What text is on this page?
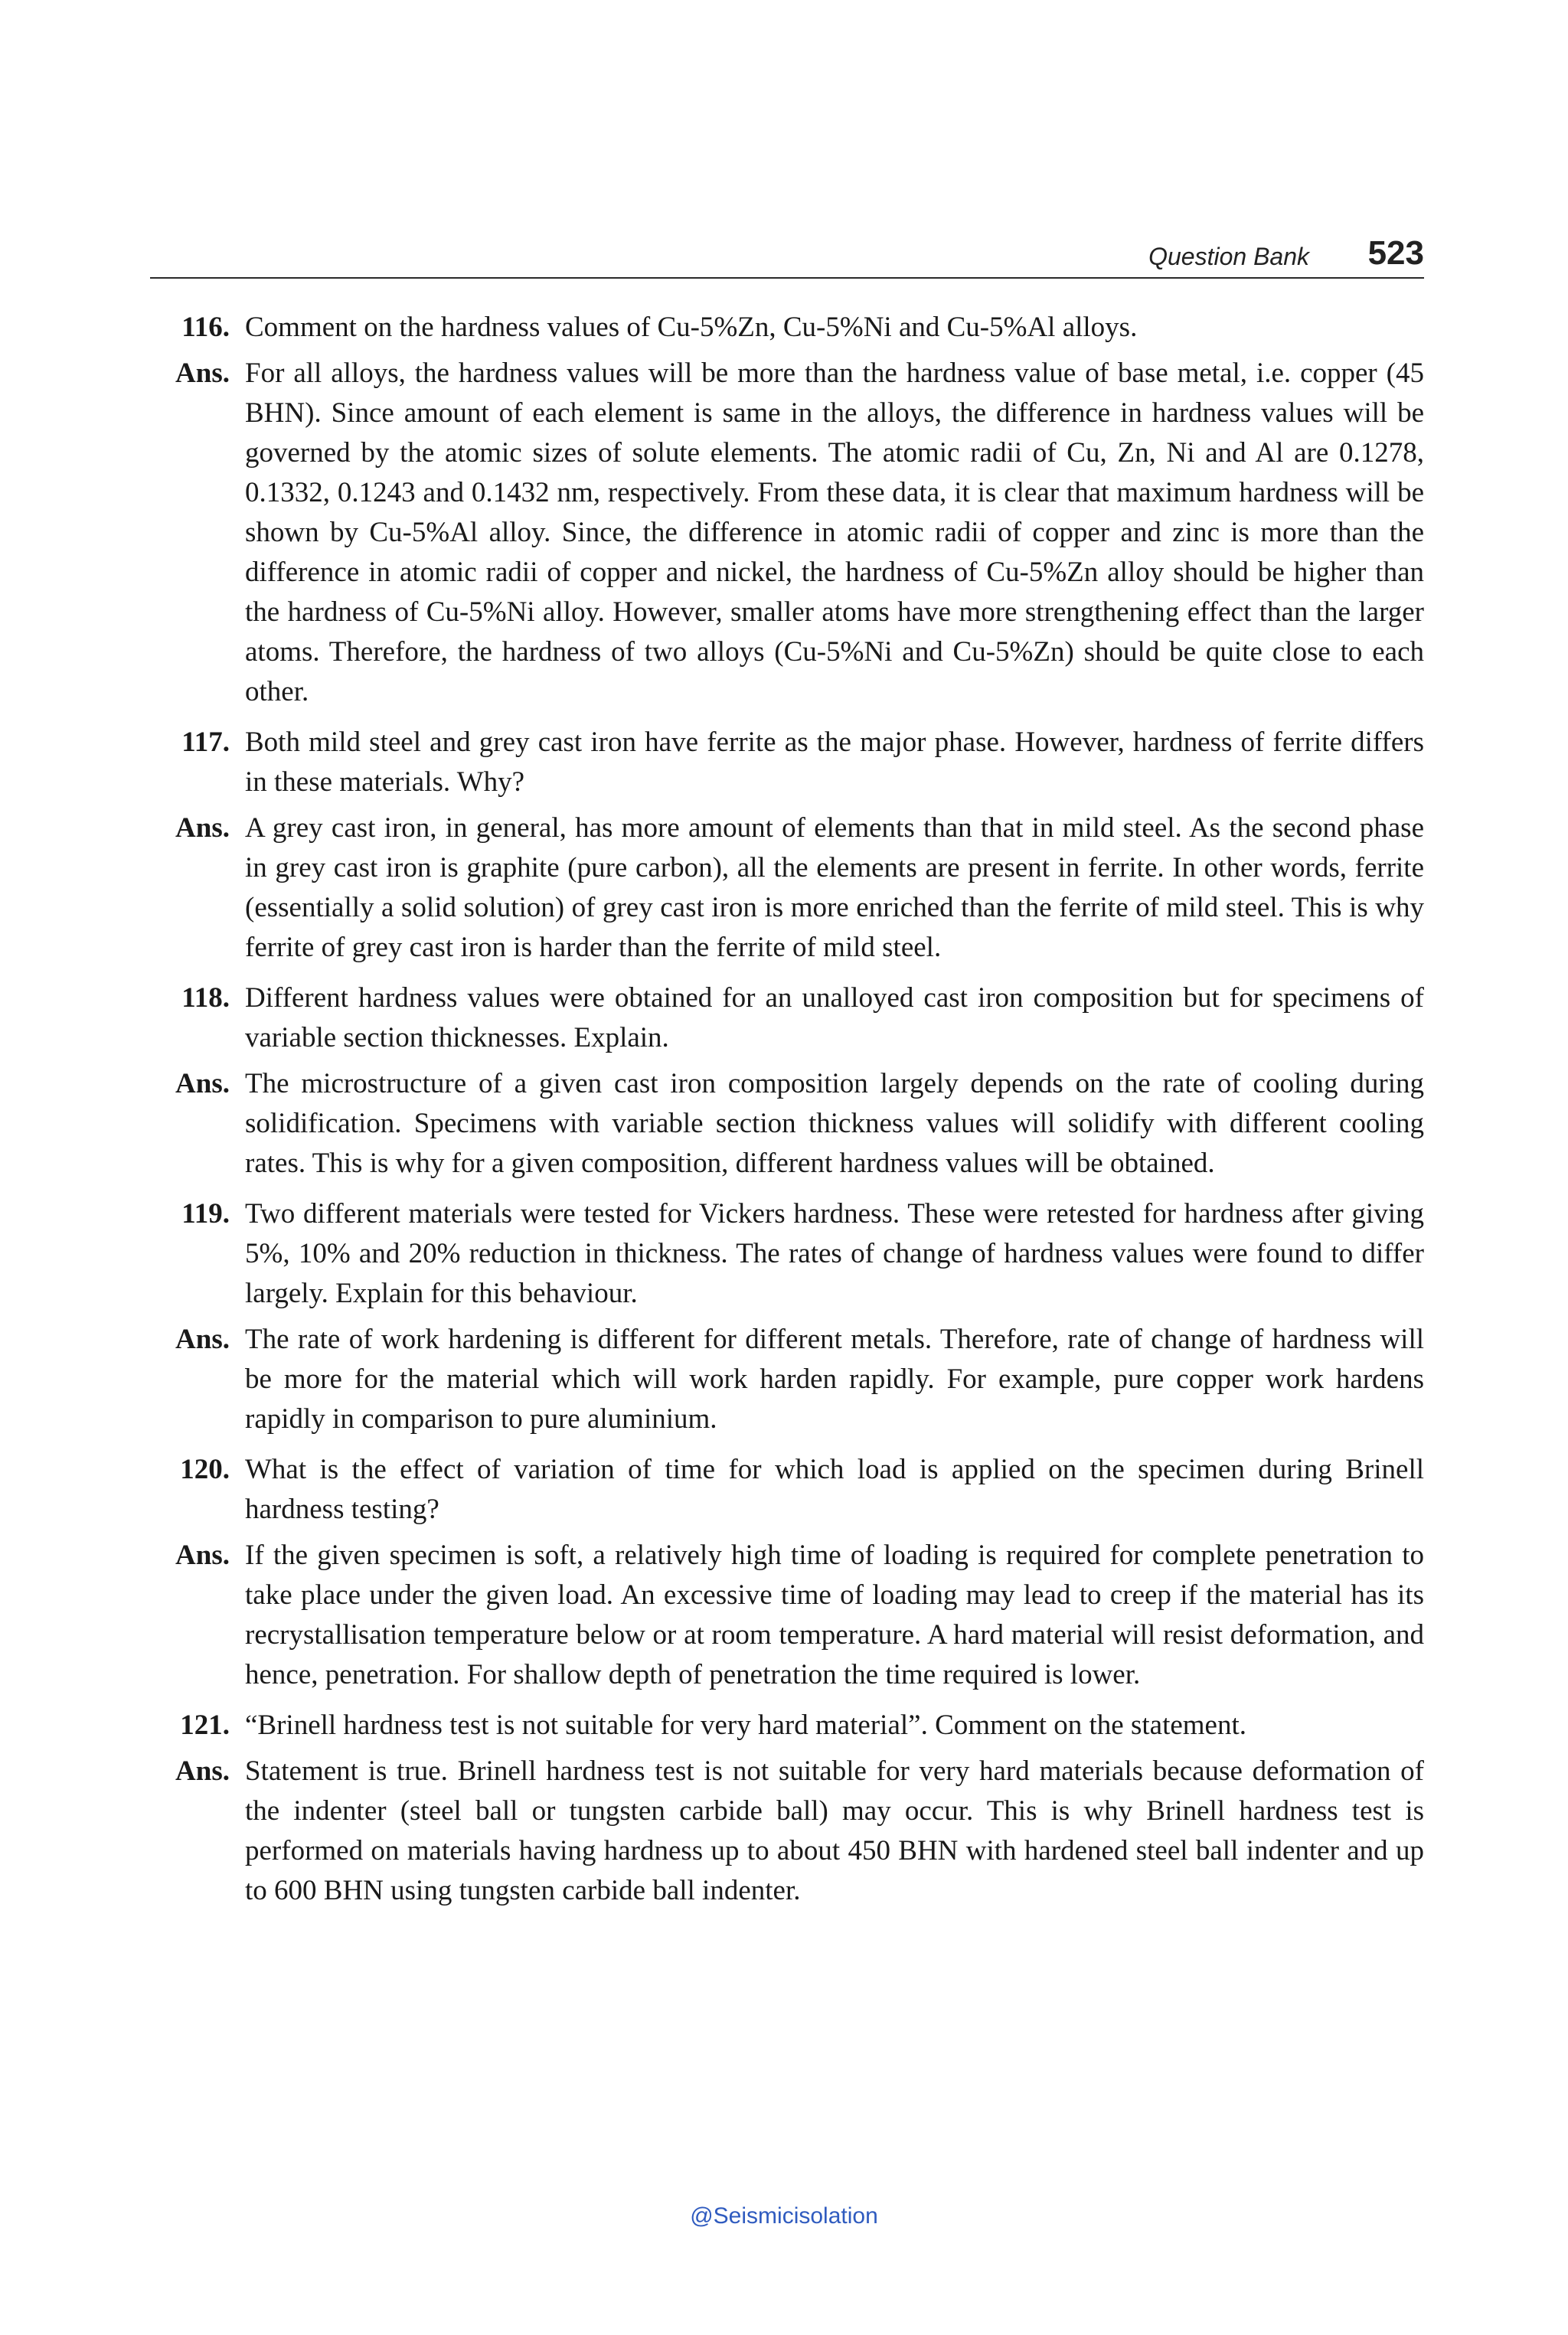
Question Bank 523
116. Comment on the hardness values of Cu-5%Zn, Cu-5%Ni and Cu-5%Al alloys.
Ans. For all alloys, the hardness values will be more than the hardness value of base metal, i.e. copper (45 BHN). Since amount of each element is same in the alloys, the difference in hardness values will be governed by the atomic sizes of solute elements. The atomic radii of Cu, Zn, Ni and Al are 0.1278, 0.1332, 0.1243 and 0.1432 nm, respectively. From these data, it is clear that maximum hardness will be shown by Cu-5%Al alloy. Since, the difference in atomic radii of copper and zinc is more than the difference in atomic radii of copper and nickel, the hardness of Cu-5%Zn alloy should be higher than the hardness of Cu-5%Ni alloy. However, smaller atoms have more strengthening effect than the larger atoms. Therefore, the hardness of two alloys (Cu-5%Ni and Cu-5%Zn) should be quite close to each other.
117. Both mild steel and grey cast iron have ferrite as the major phase. However, hardness of ferrite differs in these materials. Why?
Ans. A grey cast iron, in general, has more amount of elements than that in mild steel. As the second phase in grey cast iron is graphite (pure carbon), all the elements are present in ferrite. In other words, ferrite (essentially a solid solution) of grey cast iron is more enriched than the ferrite of mild steel. This is why ferrite of grey cast iron is harder than the ferrite of mild steel.
118. Different hardness values were obtained for an unalloyed cast iron composition but for specimens of variable section thicknesses. Explain.
Ans. The microstructure of a given cast iron composition largely depends on the rate of cooling during solidification. Specimens with variable section thickness values will solidify with different cooling rates. This is why for a given composition, different hardness values will be obtained.
119. Two different materials were tested for Vickers hardness. These were retested for hardness after giving 5%, 10% and 20% reduction in thickness. The rates of change of hardness values were found to differ largely. Explain for this behaviour.
Ans. The rate of work hardening is different for different metals. Therefore, rate of change of hardness will be more for the material which will work harden rapidly. For example, pure copper work hardens rapidly in comparison to pure aluminium.
120. What is the effect of variation of time for which load is applied on the specimen during Brinell hardness testing?
Ans. If the given specimen is soft, a relatively high time of loading is required for complete penetration to take place under the given load. An excessive time of loading may lead to creep if the material has its recrystallisation temperature below or at room temperature. A hard material will resist deformation, and hence, penetration. For shallow depth of penetration the time required is lower.
121. “Brinell hardness test is not suitable for very hard material”. Comment on the statement.
Ans. Statement is true. Brinell hardness test is not suitable for very hard materials because deformation of the indenter (steel ball or tungsten carbide ball) may occur. This is why Brinell hardness test is performed on materials having hardness up to about 450 BHN with hardened steel ball indenter and up to 600 BHN using tungsten carbide ball indenter.
@Seismicisolation
